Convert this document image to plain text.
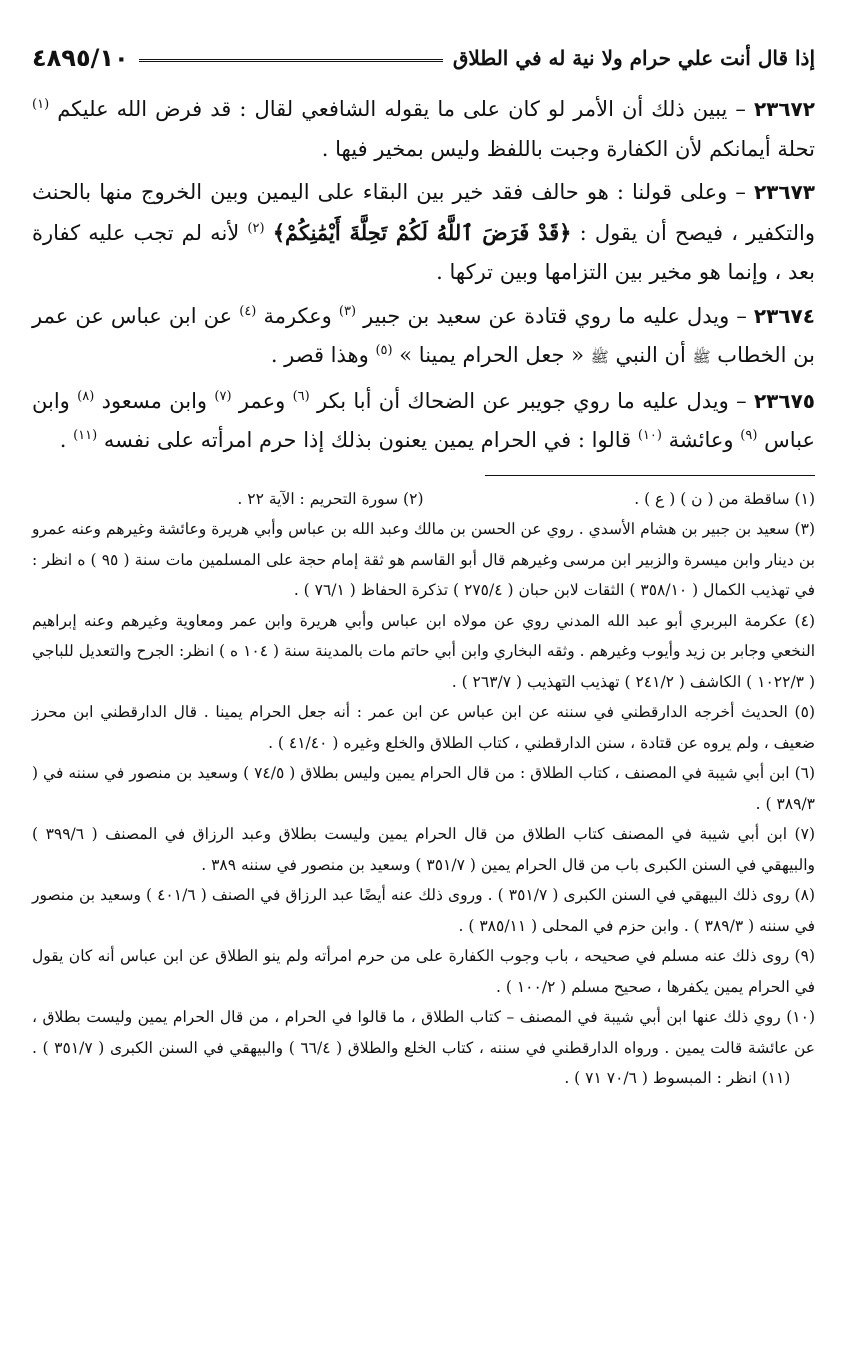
إذا قال أنت علي حرام ولا نية له في الطلاق
٤٨٩٥/١٠

٢٣٦٧٢ – يبين ذلك أن الأمر لو كان على ما يقوله الشافعي لقال : قد فرض الله عليكم $^{(١)}$ تحلة أيمانكم لأن الكفارة وجبت باللفظ وليس بمخير فيها .

٢٣٦٧٣ – وعلى قولنا : هو حالف فقد خير بين البقاء على اليمين وبين الخروج منها بالحنث والتكفير ، فيصح أن يقول : ﴿قَدْ فَرَضَ ٱللَّهُ لَكُمْ تَحِلَّةَ أَيْمَٰنِكُمْ﴾ $^{(٢)}$ لأنه لم تجب عليه كفارة بعد ، وإنما هو مخير بين التزامها وبين تركها .

٢٣٦٧٤ – ويدل عليه ما روي قتادة عن سعيد بن جبير $^{(٣)}$ وعكرمة $^{(٤)}$ عن ابن عباس عن عمر بن الخطاب ﷺ أن النبي ﷺ « جعل الحرام يمينا » $^{(٥)}$ وهذا قصر .

٢٣٦٧٥ – ويدل عليه ما روي جويبر عن الضحاك أن أبا بكر $^{(٦)}$ وعمر $^{(٧)}$ وابن مسعود $^{(٨)}$ وابن عباس $^{(٩)}$ وعائشة $^{(١٠)}$ قالوا : في الحرام يمين يعنون بذلك إذا حرم امرأته على نفسه $^{(١١)}$ .

(١) ساقطة من ( ن ) ( ع ) .
(٢) سورة التحريم : الآية ٢٢ .

(٣) سعيد بن جبير بن هشام الأسدي . روي عن الحسن بن مالك وعبد الله بن عباس وأبي هريرة وعائشة وغيرهم وعنه عمرو بن دينار وابن ميسرة والزبير ابن مرسى وغيرهم قال أبو القاسم هو ثقة إمام حجة على المسلمين مات سنة ( ٩٥ ) ه انظر : في تهذيب الكمال ( ٣٥٨/١٠ ) الثقات لابن حبان ( ٢٧٥/٤ ) تذكرة الحفاظ ( ٧٦/١ ) .

(٤) عكرمة البربري أبو عبد الله المدني روي عن مولاه ابن عباس وأبي هريرة وابن عمر ومعاوية وغيرهم وعنه إبراهيم النخعي وجابر بن زيد وأيوب وغيرهم . وثقه البخاري وابن أبي حاتم مات بالمدينة سنة ( ١٠٤ ه ) انظر: الجرح والتعديل للباجي ( ١٠٢٢/٣ ) الكاشف ( ٢٤١/٢ ) تهذيب التهذيب ( ٢٦٣/٧ ) .

(٥) الحديث أخرجه الدارقطني في سننه عن ابن عباس عن ابن عمر : أنه جعل الحرام يمينا . قال الدارقطني ابن محرز ضعيف ، ولم يروه عن قتادة ، سنن الدارقطني ، كتاب الطلاق والخلع وغيره ( ٤١/٤٠ ) .

(٦) ابن أبي شيبة في المصنف ، كتاب الطلاق : من قال الحرام يمين وليس بطلاق ( ٧٤/٥ ) وسعيد بن منصور في سننه في ( ٣٨٩/٣ ) .

(٧) ابن أبي شيبة في المصنف كتاب الطلاق من قال الحرام يمين وليست بطلاق وعبد الرزاق في المصنف ( ٣٩٩/٦ ) والبيهقي في السنن الكبرى باب من قال الحرام يمين ( ٣٥١/٧ ) وسعيد بن منصور في سننه ٣٨٩ .

(٨) روى ذلك البيهقي في السنن الكبرى ( ٣٥١/٧ ) . وروى ذلك عنه أيضًا عبد الرزاق في الصنف ( ٤٠١/٦ ) وسعيد بن منصور في سننه ( ٣٨٩/٣ ) . وابن حزم في المحلى ( ٣٨٥/١١ ) .

(٩) روى ذلك عنه مسلم في صحيحه ، باب وجوب الكفارة على من حرم امرأته ولم ينو الطلاق عن ابن عباس أنه كان يقول في الحرام يمين يكفرها ، صحيح مسلم ( ١٠٠/٢ ) .

(١٠) روي ذلك عنها ابن أبي شيبة في المصنف – كتاب الطلاق ، ما قالوا في الحرام ، من قال الحرام يمين وليست بطلاق ، عن عائشة قالت يمين . ورواه الدارقطني في سننه ، كتاب الخلع والطلاق ( ٦٦/٤ ) والبيهقي في السنن الكبرى ( ٣٥١/٧ ) .      (١١) انظر : المبسوط ( ٧٠/٦ ٧١ ) .
